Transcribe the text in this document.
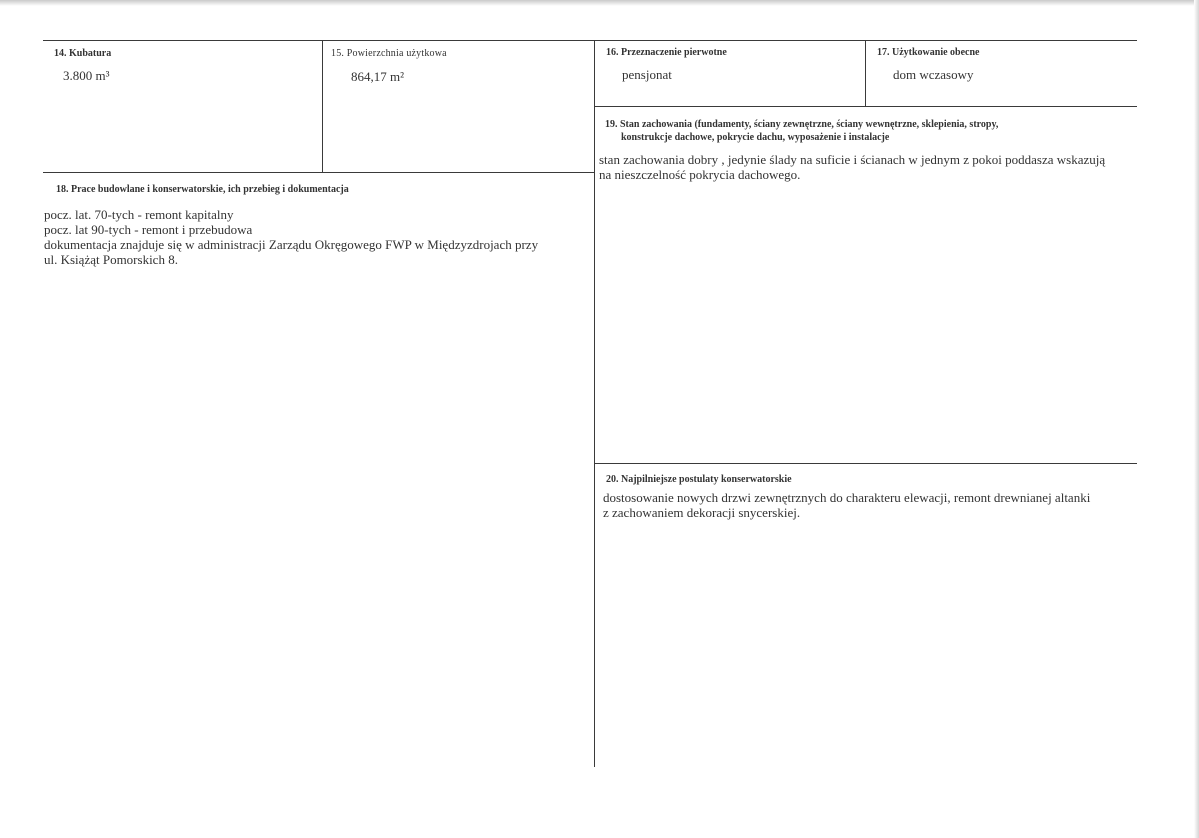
14. Kubatura
3.800 m³
15. Powierzchnia użytkowa
864,17 m²
16. Przeznaczenie pierwotne
pensjonat
17. Użytkowanie obecne
dom wczasowy
18. Prace budowlane i konserwatorskie, ich przebieg i dokumentacja
pocz. lat. 70-tych - remont kapitalny
pocz. lat 90-tych - remont i przebudowa
dokumentacja znajduje się w administracji Zarządu Okręgowego FWP w Międzyzdrojach przy
ul. Książąt Pomorskich 8.
19. Stan zachowania (fundamenty, ściany zewnętrzne, ściany wewnętrzne, sklepienia, stropy,
konstrukcje dachowe, pokrycie dachu, wyposażenie i instalacje
stan zachowania dobry , jedynie ślady na suficie i ścianach w jednym z pokoi poddasza wskazują
na nieszczelność pokrycia dachowego.
20. Najpilniejsze postulaty konserwatorskie
dostosowanie nowych drzwi zewnętrznych do charakteru elewacji, remont drewnianej altanki
z zachowaniem dekoracji snycerskiej.
